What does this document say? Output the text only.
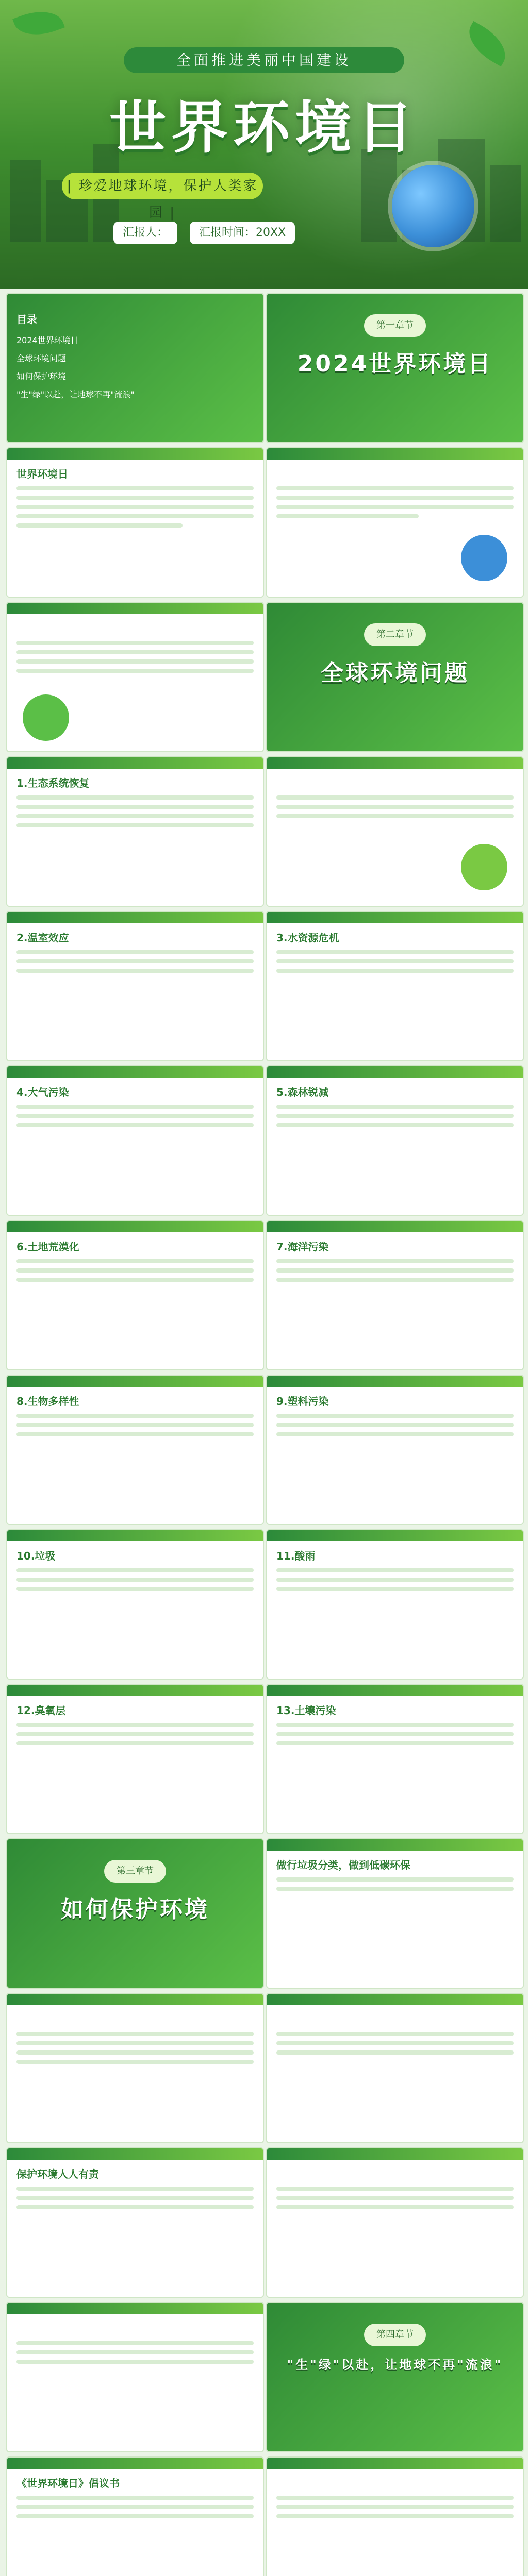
全面推进美丽中国建设
世界环境日
| 珍爱地球环境，保护人类家园 |
汇报人：	汇报时间：20XX
目录
2024世界环境日
全球环境问题
如何保护环境
"生"绿"以赴，让地球不再"流浪"
第一章节
2024世界环境日
世界环境日
第二章节
全球环境问题
1.生态系统恢复
2.温室效应	3.水资源危机
4.大气污染	5.森林锐减
6.土地荒漠化	7.海洋污染
8.生物多样性	9.塑料污染
10.垃圾	11.酸雨
12.臭氧层	13.土壤污染
第三章节
如何保护环境
做行垃圾分类，做到低碳环保
保护环境人人有责
第四章节
"生"绿"以赴，让地球不再"流浪"
《世界环境日》倡议书
